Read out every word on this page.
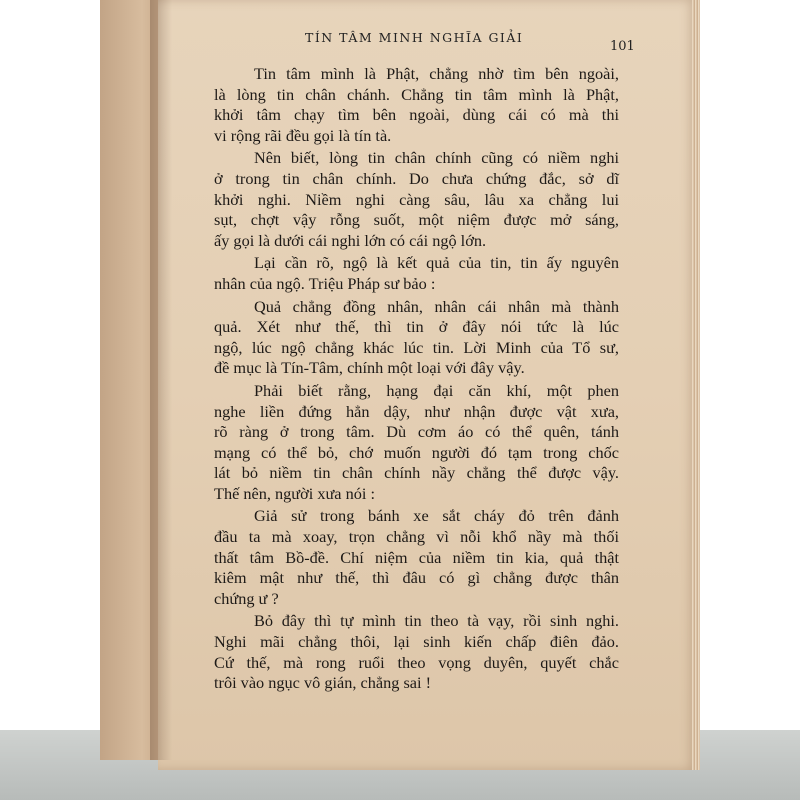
TÍN TÂM MINH NGHĨA GIẢI
101
Tin tâm mình là Phật, chẳng nhờ tìm bên ngoài,
là lòng tin chân chánh. Chẳng tin tâm mình là Phật,
khởi tâm chạy tìm bên ngoài, dùng cái có mà thi
vi rộng rãi đều gọi là tín tà.
Nên biết, lòng tin chân chính cũng có niềm nghi
ở trong tin chân chính. Do chưa chứng đắc, sở dĩ
khởi nghi. Niềm nghi càng sâu, lâu xa chẳng lui
sụt, chợt vậy rỗng suốt, một niệm được mở sáng,
ấy gọi là dưới cái nghi lớn có cái ngộ lớn.
Lại cần rõ, ngộ là kết quả của tin, tin ấy nguyên
nhân của ngộ. Triệu Pháp sư bảo :
Quả chẳng đồng nhân, nhân cái nhân mà thành
quả. Xét như thế, thì tin ở đây nói tức là lúc
ngộ, lúc ngộ chẳng khác lúc tin. Lời Minh của Tổ sư,
đề mục là Tín-Tâm, chính một loại với đây vậy.
Phải biết rằng, hạng đại căn khí, một phen
nghe liền đứng hẳn dậy, như nhận được vật xưa,
rõ ràng ở trong tâm. Dù cơm áo có thể quên, tánh
mạng có thể bỏ, chớ muốn người đó tạm trong chốc
lát bỏ niềm tin chân chính nầy chẳng thể được vậy.
Thế nên, người xưa nói :
Giả sử trong bánh xe sắt cháy đỏ trên đảnh
đầu ta mà xoay, trọn chẳng vì nỗi khổ nầy mà thối
thất tâm Bồ-đề. Chí niệm của niềm tin kia, quả thật
kiêm mật như thế, thì đâu có gì chẳng được thân
chứng ư ?
Bỏ đây thì tự mình tin theo tà vạy, rồi sinh nghi.
Nghi mãi chẳng thôi, lại sinh kiến chấp điên đảo.
Cứ thế, mà rong ruổi theo vọng duyên, quyết chắc
trôi vào ngục vô gián, chẳng sai !
